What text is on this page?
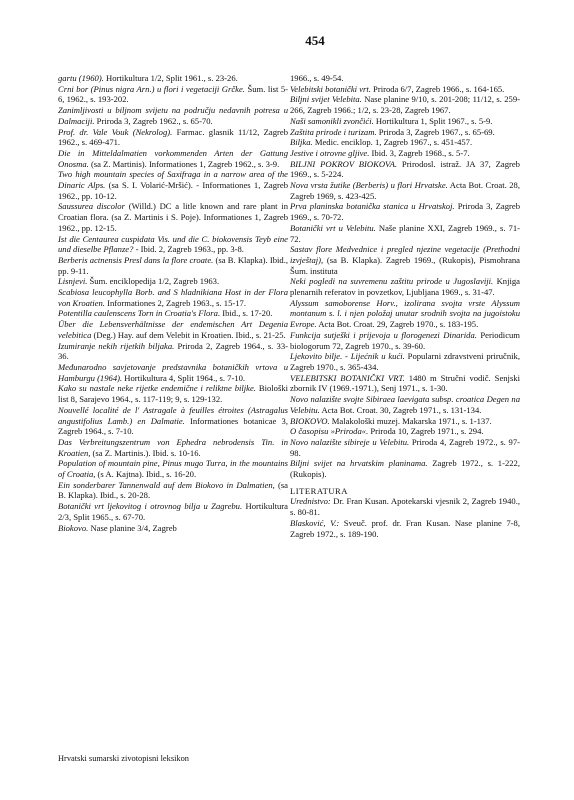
454

gartu (1960). Hortikultura 1/2, Split 1961., s. 23-26.

Crni bor (Pinus nigra Arn.) u flori i vegetaciji Grčke. Šum. list 5-6, 1962., s. 193-202.

Zanimljivosti u biljnom svijetu na području nedavnih potresa u Dalmaciji. Priroda 3, Zagreb 1962., s. 65-70.

Prof. dr. Vale Vouk (Nekrolog). Farmac. glasnik 11/12, Zagreb 1962., s. 469-471.

Die in Mitteldalmatien vorkommenden Arten der Gattung Onosma. (sa Z. Martinis). Informationes 1, Zagreb 1962., s. 3-9.

Two high mountain species of Saxifraga in a narrow area of the Dinaric Alps. (sa S. I. Volarić-Mršić). - Informationes 1, Zagreb 1962., pp. 10-12.

Saussurea discolor (Willd.) DC a litle known and rare plant in Croatian flora. (sa Z. Martinis i S. Poje). Informationes 1, Zagreb 1962., pp. 12-15.

Ist die Centaurea cuspidata Vis. und die C. biokovensis Teyb eine und dieselbe Pflanze? - Ibid. 2, Zagreb 1963., pp. 3-8.

Berberis actnensis Presl dans la flore croate. (sa B. Klapka). Ibid., pp. 9-11.

Lisnjevi. Šum. enciklopedija 1/2, Zagreb 1963.

Scabiosa leucophylla Borb. and S hladnikiana Host in der Flora von Kroatien. Informationes 2, Zagreb 1963., s. 15-17.

Potentilla caulenscens Torn in Croatia's Flora. Ibid., s. 17-20.

Über die Lebensverhältnisse der endemischen Art Degenia velebitica (Deg.) Hay. auf dem Velebit in Kroatien. Ibid., s. 21-25.

Izumiranje nekih rijetkih biljaka. Priroda 2, Zagreb 1964., s. 33-36.

Međunarodno savjetovanje predstavnika botaničkih vrtova u Hamburgu (1964). Hortikultura 4, Split 1964., s. 7-10.

Kako su nastale neke rijetke endemične i reliktne biljke. Biološki list 8, Sarajevo 1964., s. 117-119; 9, s. 129-132.

Nouvellé localité de l' Astragale à feuilles étroites (Astragalus angustifolius Lamb.) en Dalmatie. Informationes botanicae 3, Zagreb 1964., s. 7-10.

Das Verbreitungszentrum von Ephedra nebrodensis Tin. in Kroatien, (sa Z. Martinis.). Ibid. s. 10-16.

Population of mountain pine, Pinus mugo Turra, in the mountains of Croatia, (s A. Kajtna). Ibid., s. 16-20.

Ein sonderbarer Tannenwald auf dem Biokovo in Dalmatien, (sa B. Klapka). Ibid., s. 20-28.

Botanički vrt ljekovitog i otrovnog bilja u Zagrebu. Hortikultura 2/3, Split 1965., s. 67-70.

Biokovo. Nase planine 3/4, Zagreb

1966., s. 49-54.

Velebitski botanički vrt. Priroda 6/7, Zagreb 1966., s. 164-165.

Biljni svijet Velebita. Nase planine 9/10, s. 201-208; 11/12, s. 259-266, Zagreb 1966.; 1/2, s. 23-28, Zagreb 1967.

Naši samonikli zvončići. Hortikultura 1, Split 1967., s. 5-9.

Zaštita prirode i turizam. Priroda 3, Zagreb 1967., s. 65-69.

Biljka. Medic. enciklop. 1, Zagreb 1967., s. 451-457.

Jestive i otrovne gljive. Ibid. 3, Zagreb 1968., s. 5-7.

BILJNI POKROV BIOKOVA. Prirodosl. istraž. JA 37, Zagreb 1969., s. 5-224.

Nova vrsta žutike (Berberis) u flori Hrvatske. Acta Bot. Croat. 28, Zagreb 1969, s. 423-425.

Prva planinska botanička stanica u Hrvatskoj. Priroda 3, Zagreb 1969., s. 70-72.

Botanički vrt u Velebitu. Naše planine XXI, Zagreb 1969., s. 71-72.

Sastav flore Medvednice i pregled njezine vegetacije (Prethodni izvještaj), (sa B. Klapka). Zagreb 1969., (Rukopis), Pismohrana Šum. instituta

Neki pogledi na suvremenu zaštitu prirode u Jugoslaviji. Knjiga plenarnih referatov in povzetkov, Ljubljana 1969., s. 31-47.

Alyssum samoborense Horv., izolirana svojta vrste Alyssum montanum s. l. i njen položaj unutar srodnih svojta na jugoistoku Evrope. Acta Bot. Croat. 29, Zagreb 1970., s. 183-195.

Funkcija sutješki i prijevoja u florogenezi Dinarida. Periodicum biologorum 72, Zagreb 1970., s. 39-60.

Ljekovito bilje. - Lijećnik u kući. Popularni zdravstveni priručnik, Zagreb 1970., s. 365-434.

VELEBITSKI BOTANIČKI VRT. 1480 m Stručni vodič. Senjski zbornik IV (1969.-1971.), Senj 1971., s. 1-30.

Novo nalazište svojte Sibiraea laevigata subsp. croatica Degen na Velebitu. Acta Bot. Croat. 30, Zagreb 1971., s. 131-134.

BIOKOVO. Malakološki muzej. Makarska 1971., s. 1-137.

O časopisu »Priroda«. Priroda 10, Zagreb 1971., s. 294.

Novo nalazište sibireje u Velebitu. Priroda 4, Zagreb 1972., s. 97-98.

Biljni svijet na hrvatskim planinama. Zagreb 1972., s. 1-222, (Rukopis).

LITERATURA

Urednistvo: Dr. Fran Kusan. Apotekarski vjesnik 2, Zagreb 1940., s. 80-81.

Blasković, V.: Sveuč. prof. dr. Fran Kusan. Nase planine 7-8, Zagreb 1972., s. 189-190.

Hrvatski sumarski zivotopisni leksikon
